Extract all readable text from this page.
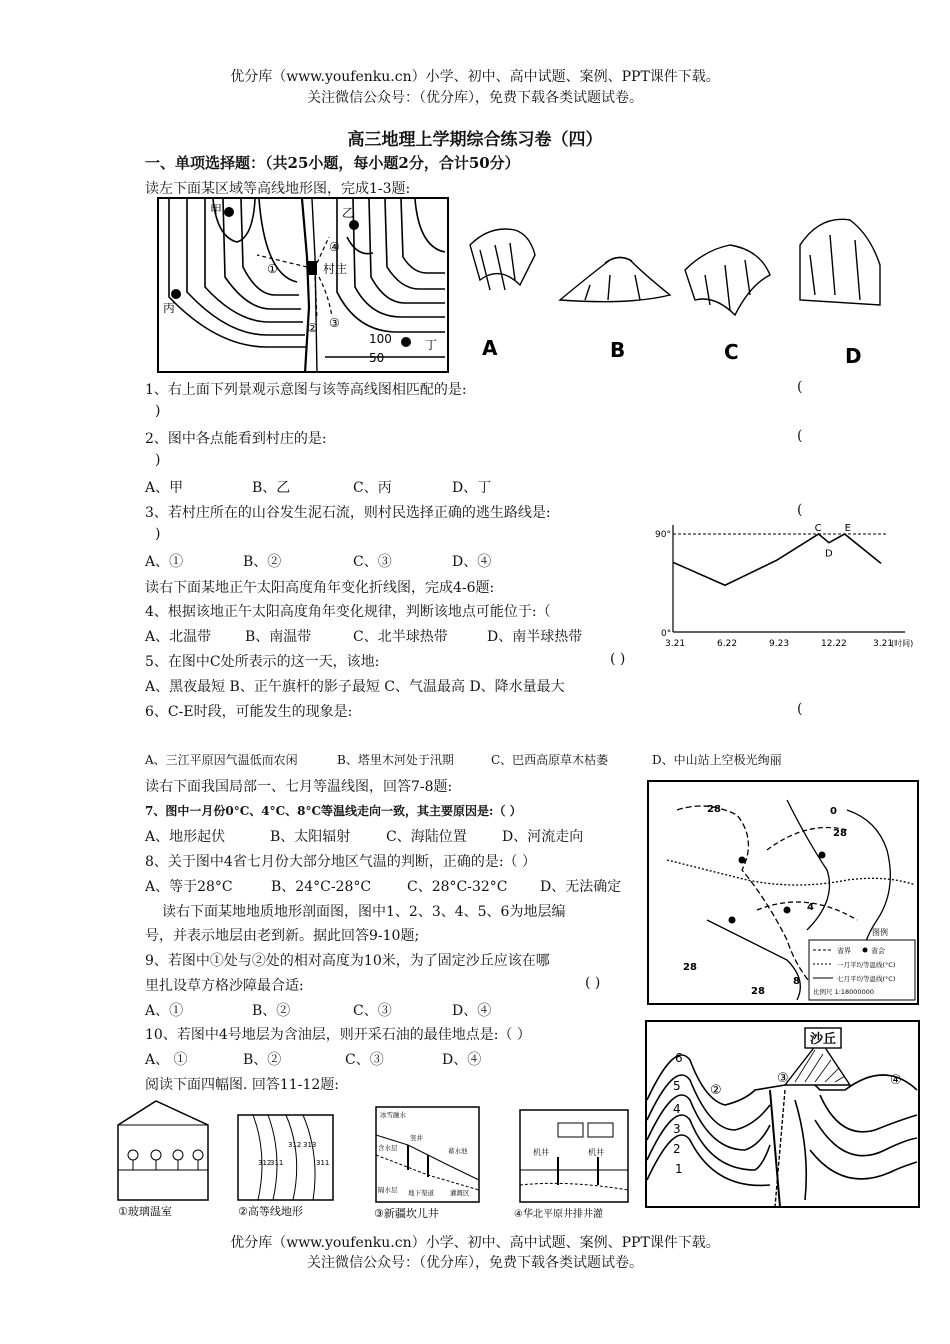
优分库（www.youfenku.cn）小学、初中、高中试题、案例、PPT课件下载。
关注微信公众号：（优分库），免费下载各类试题试卷。
高三地理上学期综合练习卷（四）
一、单项选择题：（共25小题，每小题2分，合计50分）
读左下面某区域等高线地形图，完成1-3题:
甲	乙
丙
丁
村庄
①
② ③
④
100
50	A	B	C	D
1、右上面下列景观示意图与该等高线图相匹配的是:	(
)
2、图中各点能看到村庄的是:	(
)
A、甲	B、乙	C、丙	D、丁
3、若村庄所在的山谷发生泥石流，则村民选择正确的逃生路线是:	(
)
A、①	B、②	C、③	D、④
90°
0°
3.21	6.22	9.23	12.22	3.21
(时间)
C
D
E
读右下面某地正午太阳高度角年变化折线图，完成4-6题:
4、根据该地正午太阳高度角年变化规律，判断该地点可能位于:（
A、北温带 B、南温带	C、北半球热带	D、南半球热带
5、在图中C处所表示的这一天，该地:	( )
A、黑夜最短 B、正午旗杆的影子最短 C、气温最高 D、降水量最大
6、C-E时段，可能发生的现象是:	(
A、三江平原因气温低而农闲	B、塔里木河处于汛期	C、巴西高原草木枯萎	D、中山站上空极光绚丽
读右下面我国局部一、七月等温线图，回答7-8题:
7、图中一月份0°C、4°C、8°C等温线走向一致，其主要原因是:（ ）
A、地形起伏	B、太阳辐射	C、海陆位置	D、河流走向
8、关于图中4省七月份大部分地区气温的判断，正确的是:（ ）
A、等于28°C	B、24°C-28°C	C、28°C-32°C D、无法确定
28	0
28
4
28
8
28
图例
省界	省会
一月平均等温线(°C)
七月平均等温线(°C)
比例尺 1:18000000
读右下面某地地质地形剖面图，图中1、2、3、4、5、6为地层编
号，并表示地层由老到新。据此回答9-10题;
9、若图中①处与②处的相对高度为10米，为了固定沙丘应该在哪
里扎设草方格沙障最合适:	( )
A、①	B、②	C、③	D、④
10、若图中4号地层为含油层，则开采石油的最佳地点是:（ ）
A、 ①	B、②	C、③	D、④
阅读下面四幅图. 回答11-12题:
沙丘
②
③	④
6
5
4
3
2
1
①玻璃温室
313
312
312
311	311
②高等线地形
冰雪融水
含水层
竖井
蓄水池
隔水层 地下渠道 灌溉区
③新疆坎儿井
机井	机井
④华北平原井排井灌
优分库（www.youfenku.cn）小学、初中、高中试题、案例、PPT课件下载。
关注微信公众号：（优分库），免费下载各类试题试卷。
